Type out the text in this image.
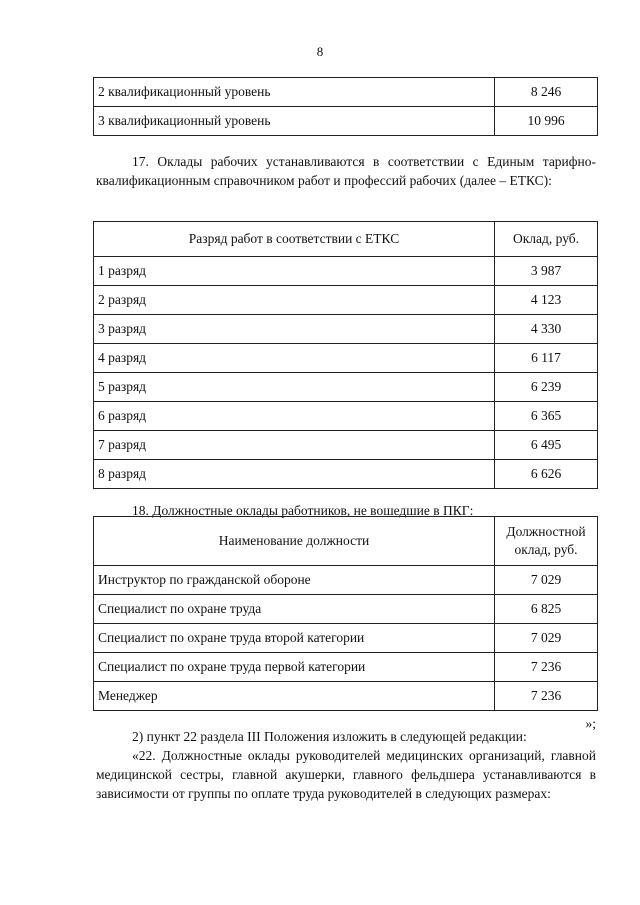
8
2 квалификационный уровень	8 246
3 квалификационный уровень	10 996
17. Оклады рабочих устанавливаются в соответствии с Единым тарифно-квалификационным справочником работ и профессий рабочих (далее – ЕТКС):
Разряд работ в соответствии с ЕТКС	Оклад, руб.
1 разряд	3 987
2 разряд	4 123
3 разряд	4 330
4 разряд	6 117
5 разряд	6 239
6 разряд	6 365
7 разряд	6 495
8 разряд	6 626
18. Должностные оклады работников, не вошедшие в ПКГ:
Наименование должности	Должностной
оклад, руб.
Инструктор по гражданской обороне	7 029
Специалист по охране труда	6 825
Специалист по охране труда второй категории	7 029
Специалист по охране труда первой категории	7 236
Менеджер	7 236
»;
2) пункт 22 раздела III Положения изложить в следующей редакции:
«22. Должностные оклады руководителей медицинских организаций, главной медицинской сестры, главной акушерки, главного фельдшера устанавливаются в зависимости от группы по оплате труда руководителей в следующих размерах:
